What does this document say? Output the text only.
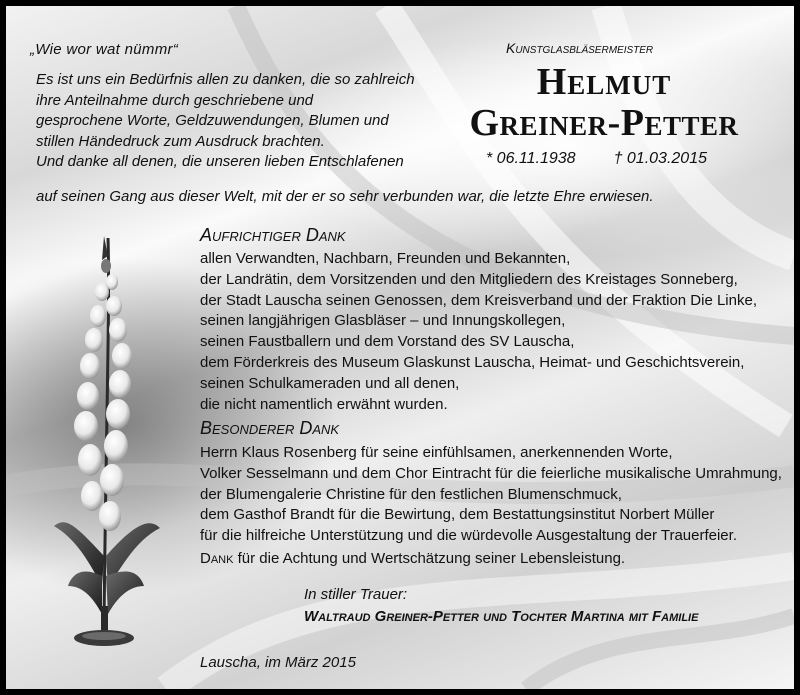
„Wie wor wat nümmr“
Es ist uns ein Bedürfnis allen zu danken, die so zahlreich
ihre Anteilnahme durch geschriebene und
gesprochene Worte, Geldzuwendungen, Blumen und
stillen Händedruck zum Ausdruck brachten.
Und danke all denen, die unseren lieben Entschlafenen
auf seinen Gang aus dieser Welt, mit der er so sehr verbunden war, die letzte Ehre erwiesen.
Kunstglasbläsermeister
Helmut
Greiner-Petter
* 06.11.1938 † 01.03.2015
Aufrichtiger Dank
allen Verwandten, Nachbarn, Freunden und Bekannten,
der Landrätin, dem Vorsitzenden und den Mitgliedern des Kreistages Sonneberg,
der Stadt Lauscha seinen Genossen, dem Kreisverband und der Fraktion Die Linke,
seinen langjährigen Glasbläser – und Innungskollegen,
seinen Faustballern und dem Vorstand des SV Lauscha,
dem Förderkreis des Museum Glaskunst Lauscha, Heimat- und Geschichtsverein,
seinen Schulkameraden und all denen,
die nicht namentlich erwähnt wurden.
Besonderer Dank
Herrn Klaus Rosenberg für seine einfühlsamen, anerkennenden Worte,
Volker Sesselmann und dem Chor Eintracht für die feierliche musikalische Umrahmung,
der Blumengalerie Christine für den festlichen Blumenschmuck,
dem Gasthof Brandt für die Bewirtung, dem Bestattungsinstitut Norbert Müller
für die hilfreiche Unterstützung und die würdevolle Ausgestaltung der Trauerfeier.
Dank für die Achtung und Wertschätzung seiner Lebensleistung.
In stiller Trauer:
Waltraud Greiner-Petter und Tochter Martina mit Familie
Lauscha, im März 2015
